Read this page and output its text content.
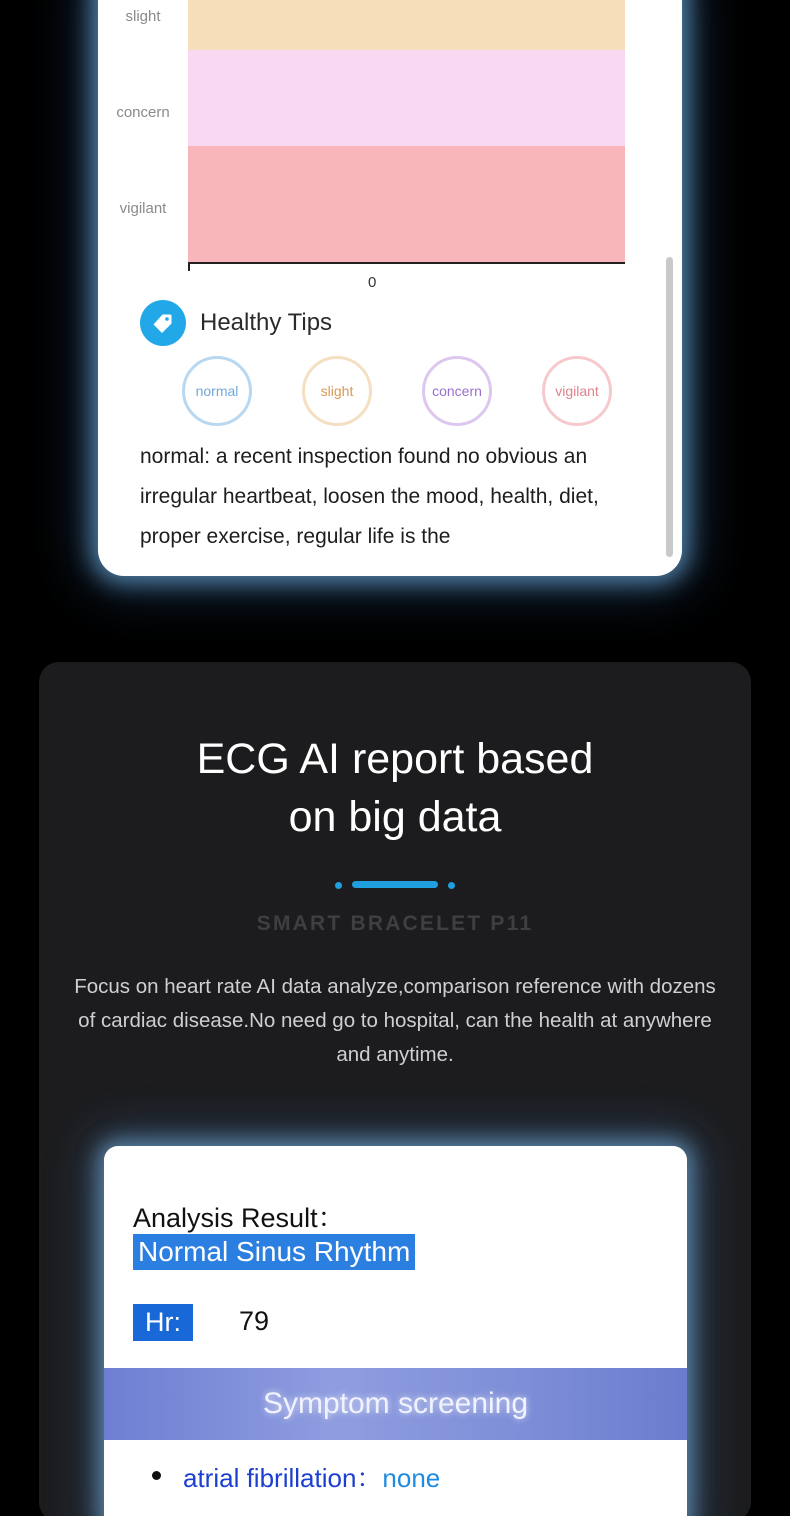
slight
concern
vigilant
0
Healthy Tips
normal	slight	concern	vigilant
normal: a recent inspection found no obvious an irregular heartbeat, loosen the mood, health, diet, proper exercise, regular life is the
ECG AI report based
on big data
SMART BRACELET P11
Focus on heart rate AI data analyze,comparison reference with dozens of cardiac disease.No need go to hospital, can the health at anywhere and anytime.
Analysis Result：
Normal Sinus Rhythm
Hr:	79
Symptom screening
atrial fibrillation： none
